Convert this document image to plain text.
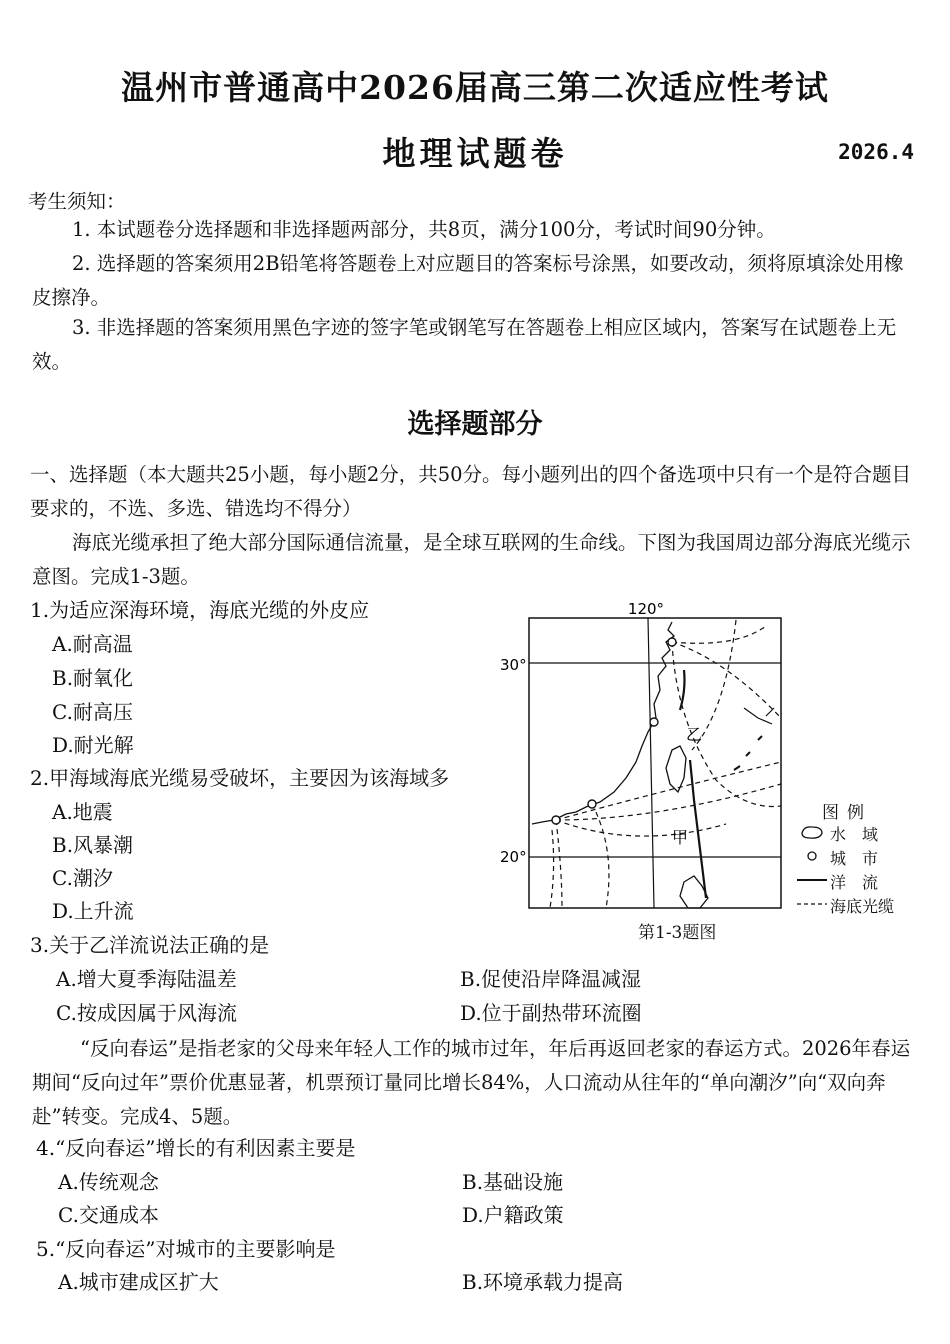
温州市普通高中2026届高三第二次适应性考试
地理试题卷	2026.4
考生须知：
1. 本试题卷分选择题和非选择题两部分，共8页，满分100分，考试时间90分钟。
2. 选择题的答案须用2B铅笔将答题卷上对应题目的答案标号涂黑，如要改动，须将原填涂处用橡皮擦净。
3. 非选择题的答案须用黑色字迹的签字笔或钢笔写在答题卷上相应区域内，答案写在试题卷上无效。
选择题部分
一、选择题（本大题共25小题，每小题2分，共50分。每小题列出的四个备选项中只有一个是符合题目要求的，不选、多选、错选均不得分）
海底光缆承担了绝大部分国际通信流量，是全球互联网的生命线。下图为我国周边部分海底光缆示意图。完成1-3题。
1.为适应深海环境，海底光缆的外皮应
A.耐高温
B.耐氧化
C.耐高压
D.耐光解
2.甲海域海底光缆易受破坏，主要因为该海域多
A.地震
B.风暴潮
C.潮汐
D.上升流
3.关于乙洋流说法正确的是
A.增大夏季海陆温差	B.促使沿岸降温减湿
C.按成因属于风海流	D.位于副热带环流圈
120°
30°
20°
甲
乙
图例
水　域
城　市
洋　流
海底光缆
第1-3题图
“反向春运”是指老家的父母来年轻人工作的城市过年，年后再返回老家的春运方式。2026年春运期间“反向过年”票价优惠显著，机票预订量同比增长84%，人口流动从往年的“单向潮汐”向“双向奔赴”转变。完成4、5题。
4.“反向春运”增长的有利因素主要是
A.传统观念	B.基础设施
C.交通成本	D.户籍政策
5.“反向春运”对城市的主要影响是
A.城市建成区扩大	B.环境承载力提高
